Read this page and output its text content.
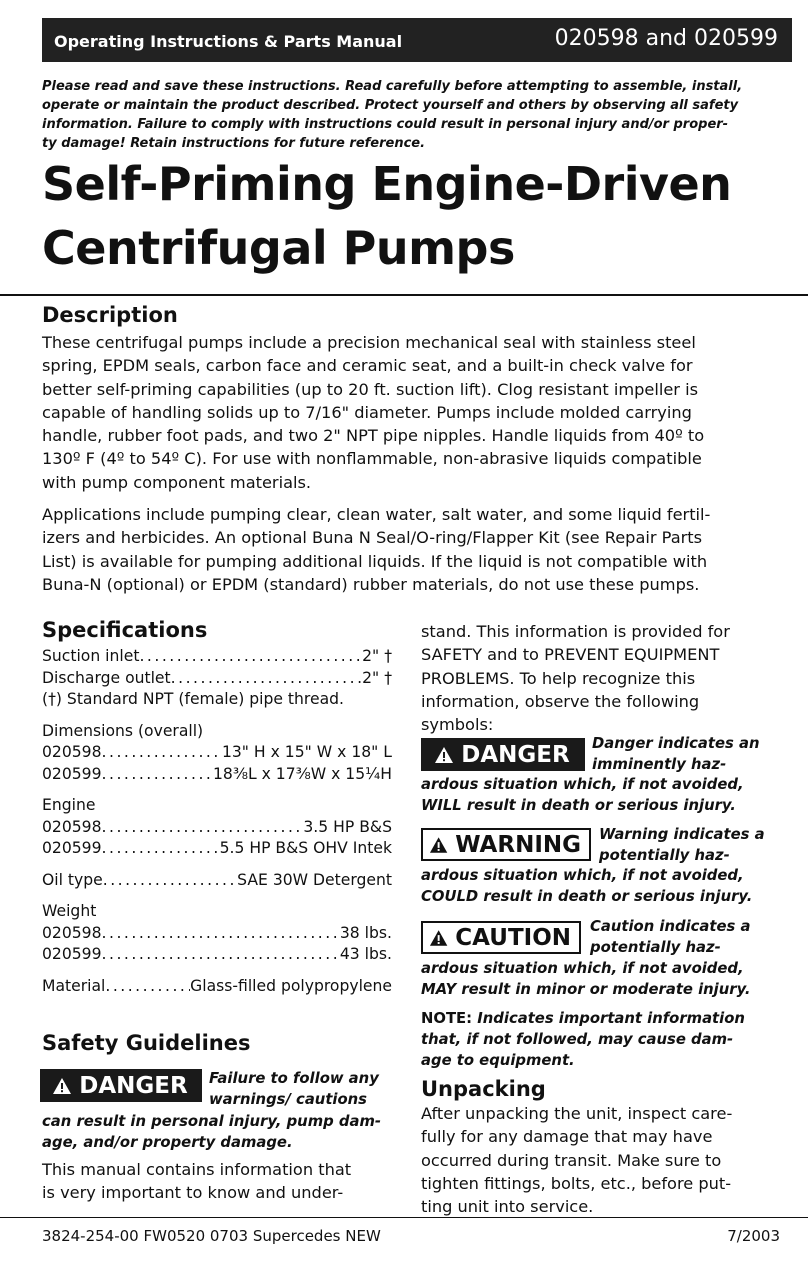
Operating Instructions & Parts Manual	020598 and 020599
Please read and save these instructions. Read carefully before attempting to assemble, install,
operate or maintain the product described. Protect yourself and others by observing all safety
information. Failure to comply with instructions could result in personal injury and/or proper-
ty damage! Retain instructions for future reference.
Self-Priming Engine-Driven
Centrifugal Pumps
Description
These centrifugal pumps include a precision mechanical seal with stainless steel
spring, EPDM seals, carbon face and ceramic seat, and a built-in check valve for
better self-priming capabilities (up to 20 ft. suction lift). Clog resistant impeller is
capable of handling solids up to 7/16" diameter. Pumps include molded carrying
handle, rubber foot pads, and two 2" NPT pipe nipples. Handle liquids from 40º to
130º F (4º to 54º C). For use with nonflammable, non-abrasive liquids compatible
with pump component materials.
Applications include pumping clear, clean water, salt water, and some liquid fertil-
izers and herbicides. An optional Buna N Seal/O-ring/Flapper Kit (see Repair Parts
List) is available for pumping additional liquids. If the liquid is not compatible with
Buna-N (optional) or EPDM (standard) rubber materials, do not use these pumps.
Specifications
Suction inlet .....	2" †
Discharge outlet .....	2" †
(†) Standard NPT (female) pipe thread.
Dimensions (overall)
020598 .....	13" H x 15" W x 18" L
020599 .....	18⅜L x 17⅜W x 15¼H
Engine
020598 .....	3.5 HP B&S
020599 .....	5.5 HP B&S OHV Intek
Oil type .....	SAE 30W Detergent
Weight
020598 .....	38 lbs.
020599 .....	43 lbs.
Material .....	Glass-filled polypropylene
Safety Guidelines
DANGER Failure to follow any
warnings/ cautions
can result in personal injury, pump dam-
age, and/or property damage.
This manual contains information that
is very important to know and under-
stand. This information is provided for
SAFETY and to PREVENT EQUIPMENT
PROBLEMS. To help recognize this
information, observe the following
symbols:
DANGER Danger indicates an
imminently haz-
ardous situation which, if not avoided,
WILL result in death or serious injury.
WARNING Warning indicates a
potentially haz-
ardous situation which, if not avoided,
COULD result in death or serious injury.
CAUTION Caution indicates a
potentially haz-
ardous situation which, if not avoided,
MAY result in minor or moderate injury.
NOTE: Indicates important information
that, if not followed, may cause dam-
age to equipment.
Unpacking
After unpacking the unit, inspect care-
fully for any damage that may have
occurred during transit. Make sure to
tighten fittings, bolts, etc., before put-
ting unit into service.
3824-254-00 FW0520 0703 Supercedes NEW	7/2003
